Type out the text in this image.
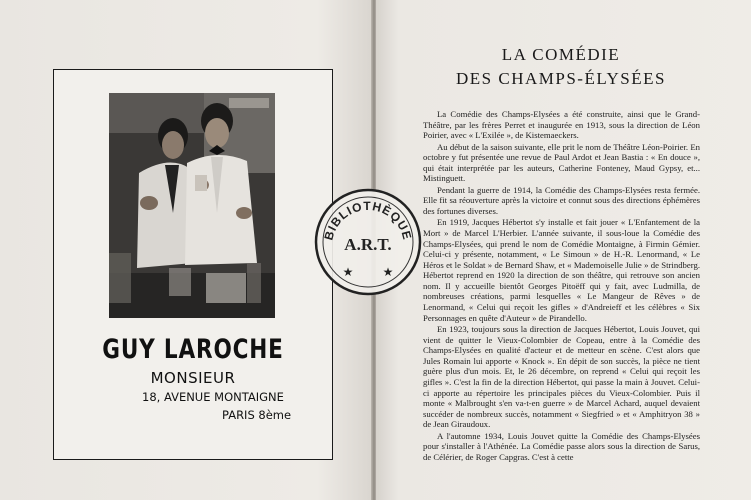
GUY LAROCHE
MONSIEUR
18, AVENUE MONTAIGNE
PARIS 8ème
LA COMÉDIE
DES CHAMPS-ÉLYSÉES

La Comédie des Champs-Elysées a été construite, ainsi que le Grand-Théâtre, par les frères Perret et inaugurée en 1913, sous la direction de Léon Poirier, avec « L'Exilée », de Kistemaeckers.

Au début de la saison suivante, elle prit le nom de Théâtre Léon-Poirier. En octobre y fut présentée une revue de Paul Ardot et Jean Bastia : « En douce », qui était interprétée par les auteurs, Catherine Fonteney, Maud Gypsy, et... Mistinguett.

Pendant la guerre de 1914, la Comédie des Champs-Elysées resta fermée. Elle fit sa réouverture après la victoire et connut sous des directions éphémères des fortunes diverses.

En 1919, Jacques Hébertot s'y installe et fait jouer « L'Enfantement de la Mort » de Marcel L'Herbier. L'année suivante, il sous-loue la Comédie des Champs-Elysées, qui prend le nom de Comédie Montaigne, à Firmin Gémier. Celui-ci y présente, notamment, « Le Simoun » de H.-R. Lenormand, « Le Héros et le Soldat » de Bernard Shaw, et « Mademoiselle Julie » de Strindberg. Hébertot reprend en 1920 la direction de son théâtre, qui retrouve son ancien nom. Il y accueille bientôt Georges Pitoëff qui y fait, avec Ludmilla, de nombreuses créations, parmi lesquelles « Le Mangeur de Rêves » de Lenormand, « Celui qui reçoit les gifles » d'Andreieff et les célèbres « Six Personnages en quête d'Auteur » de Pirandello.

En 1923, toujours sous la direction de Jacques Hébertot, Louis Jouvet, qui vient de quitter le Vieux-Colombier de Copeau, entre à la Comédie des Champs-Elysées en qualité d'acteur et de metteur en scène. C'est alors que Jules Romain lui apporte « Knock ». En dépit de son succès, la pièce ne tient guère plus d'un mois. Et, le 26 décembre, on reprend « Celui qui reçoit les gifles ». C'est la fin de la direction Hébertot, qui passe la main à Jouvet. Celui-ci apporte au répertoire les principales pièces du Vieux-Colombier. Puis il monte « Malbrought s'en va-t-en guerre » de Marcel Achard, auquel devaient succéder de nombreux succès, notamment « Siegfried » et « Amphitryon 38 » de Jean Giraudoux.

A l'automne 1934, Louis Jouvet quitte la Comédie des Champs-Elysées pour s'installer à l'Athénée. La Comédie passe alors sous la direction de Sarus, de Célérier, de Roger Capgras. C'est à cette

BIBLIOTHÈQUE
A.R.T.
★ ★
